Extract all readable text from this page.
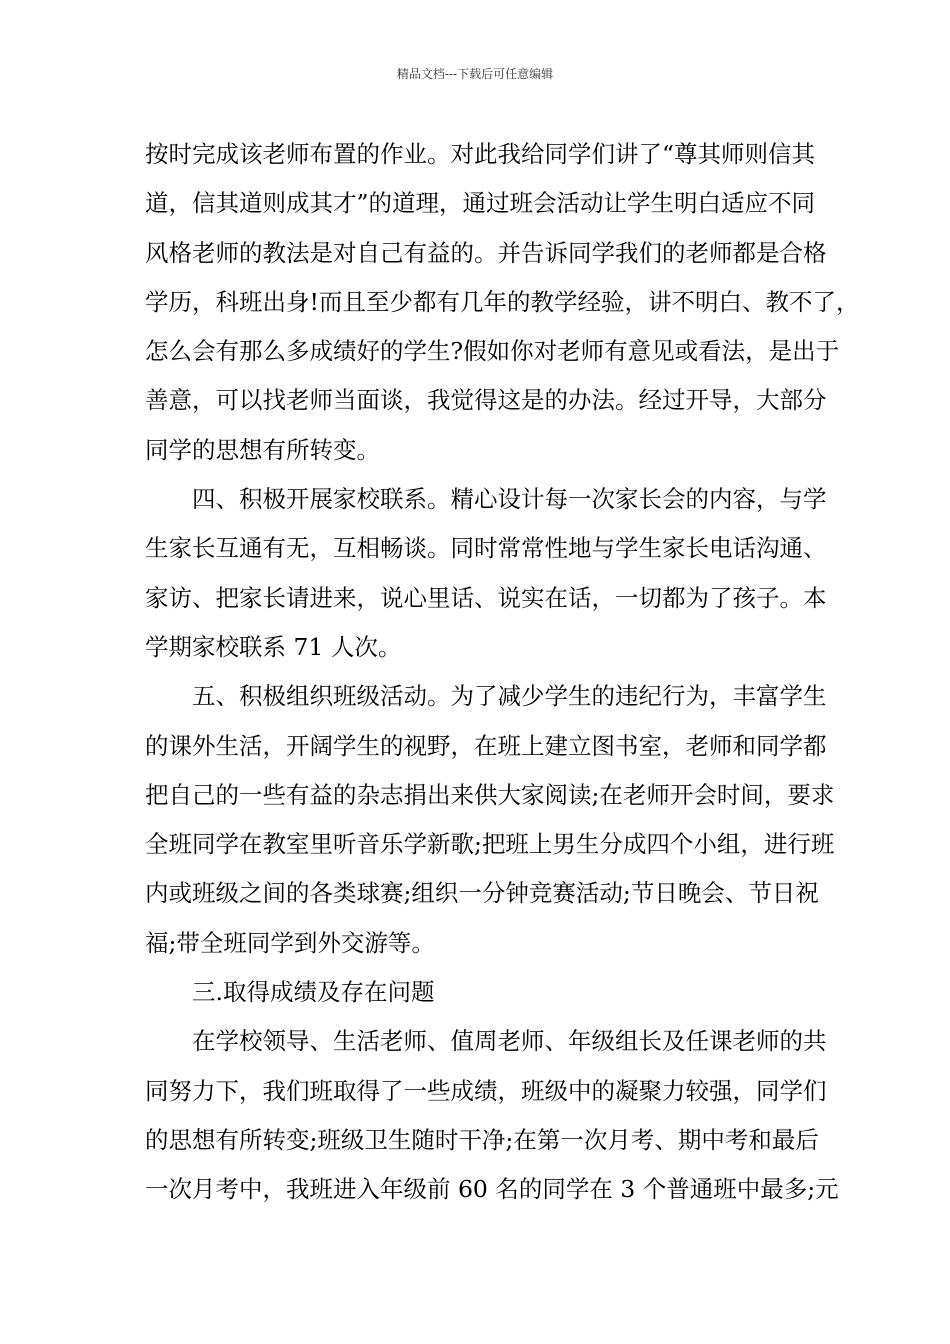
精品文档---下载后可任意编辑
按时完成该老师布置的作业。对此我给同学们讲了“尊其师则信其
道，信其道则成其才”的道理，通过班会活动让学生明白适应不同
风格老师的教法是对自己有益的。并告诉同学我们的老师都是合格
学历，科班出身!而且至少都有几年的教学经验，讲不明白、教不了，
怎么会有那么多成绩好的学生?假如你对老师有意见或看法，是出于
善意，可以找老师当面谈，我觉得这是的办法。经过开导，大部分
同学的思想有所转变。
　　四、积极开展家校联系。精心设计每一次家长会的内容，与学
生家长互通有无，互相畅谈。同时常常性地与学生家长电话沟通、
家访、把家长请进来，说心里话、说实在话，一切都为了孩子。本
学期家校联系 71 人次。
　　五、积极组织班级活动。为了减少学生的违纪行为，丰富学生
的课外生活，开阔学生的视野，在班上建立图书室，老师和同学都
把自己的一些有益的杂志捐出来供大家阅读;在老师开会时间，要求
全班同学在教室里听音乐学新歌;把班上男生分成四个小组，进行班
内或班级之间的各类球赛;组织一分钟竞赛活动;节日晚会、节日祝
福;带全班同学到外交游等。
　　三.取得成绩及存在问题
　　在学校领导、生活老师、值周老师、年级组长及任课老师的共
同努力下，我们班取得了一些成绩，班级中的凝聚力较强，同学们
的思想有所转变;班级卫生随时干净;在第一次月考、期中考和最后
一次月考中，我班进入年级前 60 名的同学在 3 个普通班中最多;元
